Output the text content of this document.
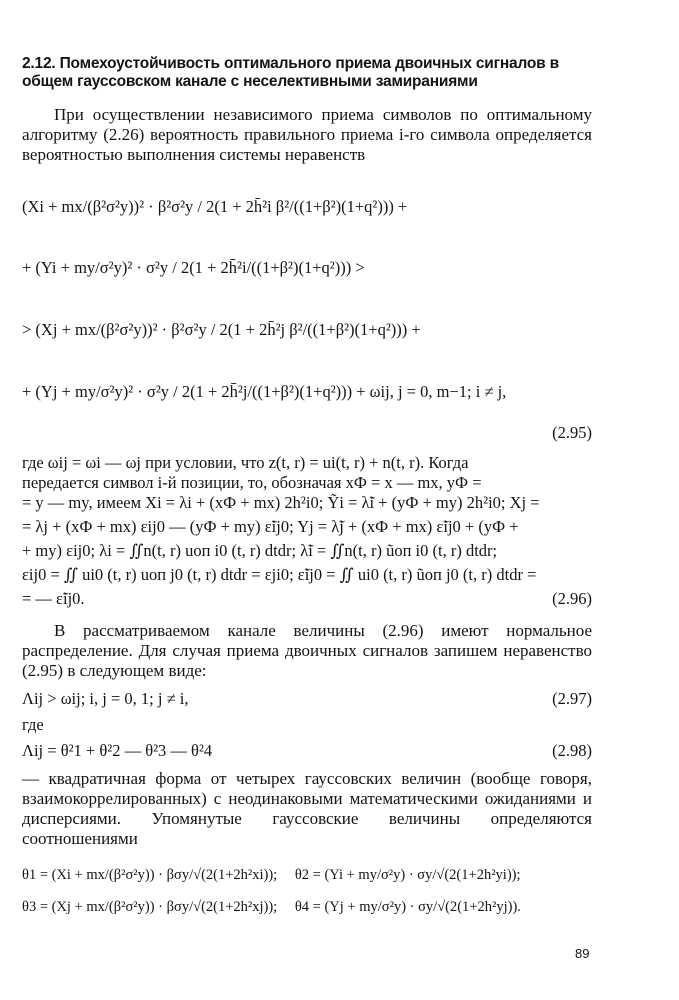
2.12. Помехоустойчивость оптимального приема двоичных сигналов в общем гауссовском канале с неселективными замираниями

При осуществлении независимого приема символов по оптимальному алгоритму (2.26) вероятность правильного приема i-го символа определяется вероятностью выполнения системы неравенств

(Xi + mx/(β²σ²y))² · β²σ²y / 2(1 + 2h̄²i β²/((1+β²)(1+q²))) +
+ (Yi + my/σ²y)² · σ²y / 2(1 + 2h̄²i/((1+β²)(1+q²))) >
> (Xj + mx/(β²σ²y))² · β²σ²y / 2(1 + 2h̄²j β²/((1+β²)(1+q²))) +
+ (Yj + my/σ²y)² · σ²y / 2(1 + 2h̄²j/((1+β²)(1+q²))) + ωij, j = 0, m−1; i ≠ j,
(2.95)
где ωij = ωi — ωj при условии, что z(t, r) = ui(t, r) + n(t, r). Когда
передается символ i-й позиции, то, обозначая xФ = x — mx, yФ =
= y — my, имеем Xi = λi + (xФ + mx) 2h²i0; Ỹi = λ̃i + (yФ + my) 2h²i0; Xj =
= λj + (xФ + mx) εij0 — (yФ + my) ε̃ij0; Yj = λ̃j + (xФ + mx) ε̃ij0 + (yФ +
+ my) εij0; λi = ∬n(t, r) uоп i0 (t, r) dtdr; λ̃i = ∬n(t, r) ũоп i0 (t, r) dtdr;
εij0 = ∬ ui0 (t, r) uоп j0 (t, r) dtdr = εji0; ε̃ij0 = ∬ ui0 (t, r) ũоп j0 (t, r) dtdr =
= — ε̃ij0.	(2.96)

В рассматриваемом канале величины (2.96) имеют нормальное распределение. Для случая приема двоичных сигналов запишем неравенство (2.95) в следующем виде:

Λij > ωij; i, j = 0, 1; j ≠ i,	(2.97)
где
Λij = θ²1 + θ²2 — θ²3 — θ²4	(2.98)

— квадратичная форма от четырех гауссовских величин (вообще говоря, взаимокоррелированных) с неодинаковыми математическими ожиданиями и дисперсиями. Упомянутые гауссовские величины определяются соотношениями

θ1 = (Xi + mx/(β²σ²y)) · βσy/√(2(1+2h²xi)); θ2 = (Yi + my/σ²y) · σy/√(2(1+2h²yi));
θ3 = (Xj + mx/(β²σ²y)) · βσy/√(2(1+2h²xj)); θ4 = (Yj + my/σ²y) · σy/√(2(1+2h²yj)).
89
